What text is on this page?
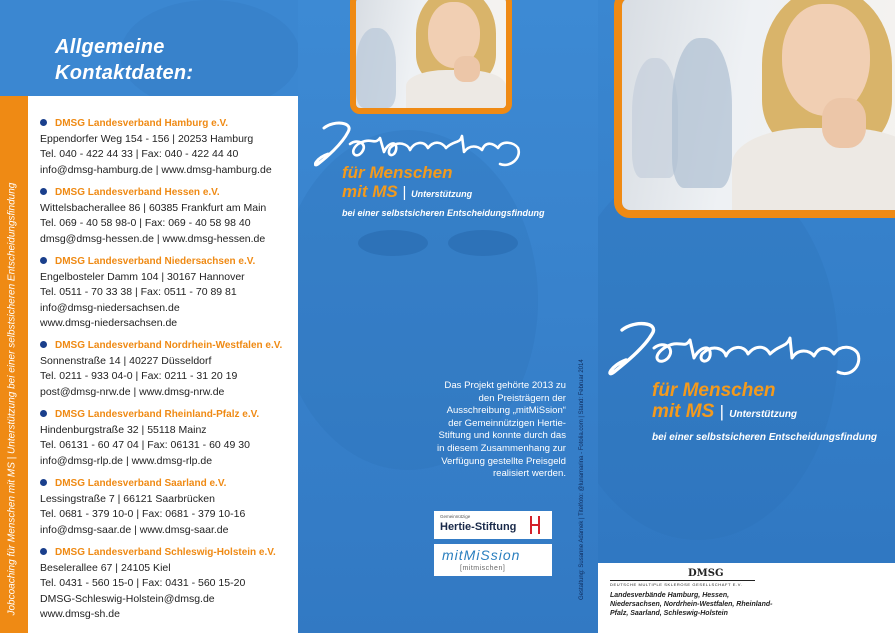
Allgemeine
Kontaktdaten:
Jobcoaching für Menschen mit MS | Unterstützung bei einer selbstsicheren Entscheidungsfindung
DMSG Landesverband Hamburg e.V.
Eppendorfer Weg 154 - 156 | 20253 Hamburg
Tel. 040 - 422 44 33 | Fax: 040 - 422 44 40
info@dmsg-hamburg.de | www.dmsg-hamburg.de
DMSG Landesverband Hessen e.V.
Wittelsbacherallee 86 | 60385 Frankfurt am Main
Tel. 069 - 40 58 98-0 | Fax: 069 - 40 58 98 40
dmsg@dmsg-hessen.de | www.dmsg-hessen.de
DMSG Landesverband Niedersachsen e.V.
Engelbosteler Damm 104 | 30167 Hannover
Tel. 0511 - 70 33 38 | Fax: 0511 - 70 89 81
info@dmsg-niedersachsen.de
www.dmsg-niedersachsen.de
DMSG Landesverband Nordrhein-Westfalen e.V.
Sonnenstraße 14 | 40227 Düsseldorf
Tel. 0211 - 933 04-0 | Fax: 0211 - 31 20 19
post@dmsg-nrw.de | www.dmsg-nrw.de
DMSG Landesverband Rheinland-Pfalz e.V.
Hindenburgstraße 32 | 55118 Mainz
Tel. 06131 - 60 47 04 | Fax: 06131 - 60 49 30
info@dmsg-rlp.de | www.dmsg-rlp.de
DMSG Landesverband Saarland e.V.
Lessingstraße 7 | 66121 Saarbrücken
Tel. 0681 - 379 10-0 | Fax: 0681 - 379 10-16
info@dmsg-saar.de | www.dmsg-saar.de
DMSG Landesverband Schleswig-Holstein e.V.
Beselerallee 67 | 24105 Kiel
Tel. 0431 - 560 15-0 | Fax: 0431 - 560 15-20
DMSG-Schleswig-Holstein@dmsg.de
www.dmsg-sh.de
für Menschen
mit MS | Unterstützung
bei einer selbstsicheren Entscheidungsfindung
Das Projekt gehörte 2013 zu den Preisträgern der Ausschreibung „mitMiSsion“ der Gemeinnützigen Hertie-Stiftung und konnte durch das in diesem Zusammenhang zur Verfügung gestellte Preisgeld realisiert werden.
Gemeinnützige
Hertie-Stiftung
mitMiSsion
[mitmischen]	Gestaltung: Susanne Adamek | Titelfoto: @lunamarina - Fotolia.com | Stand: Februar 2014	für Menschen
mit MS | Unterstützung
bei einer selbstsicheren Entscheidungsfindung
DMSG
DEUTSCHE MULTIPLE SKLEROSE GESELLSCHAFT E.V.
Landesverbände Hamburg, Hessen, Niedersachsen, Nordrhein-Westfalen, Rheinland-Pfalz, Saarland, Schleswig-Holstein
